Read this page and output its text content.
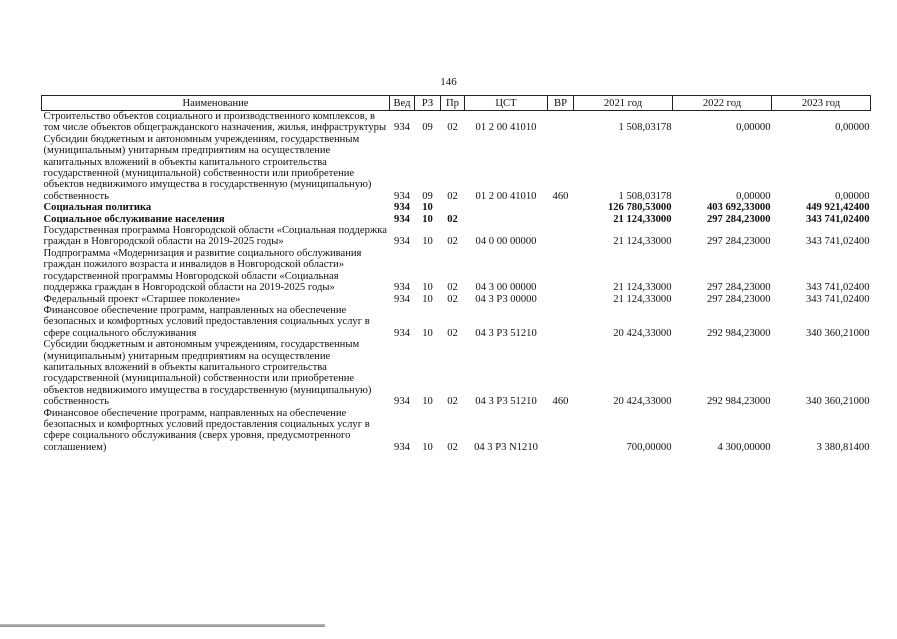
146
Наименование	Вед	РЗ	Пр	ЦСТ	ВР	2021 год	2022 год	2023 год
Строительство объектов социального и производственного комплексов, в том числе объектов общегражданского назначения, жилья, инфраструктуры	934	09	02	01 2 00 41010		1 508,03178	0,00000	0,00000
Субсидии бюджетным и автономным учреждениям, государственным (муниципальным) унитарным предприятиям на осуществление капитальных вложений в объекты капитального строительства государственной (муниципальной) собственности или приобретение объектов недвижимого имущества в государственную (муниципальную) собственность	934	09	02	01 2 00 41010	460	1 508,03178	0,00000	0,00000
Социальная политика	934	10				126 780,53000	403 692,33000	449 921,42400
Социальное обслуживание населения	934	10	02			21 124,33000	297 284,23000	343 741,02400
Государственная программа Новгородской области «Социальная поддержка граждан в Новгородской области на 2019-2025 годы»	934	10	02	04 0 00 00000		21 124,33000	297 284,23000	343 741,02400
Подпрограмма «Модернизация и развитие социального обслуживания граждан пожилого возраста и инвалидов в Новгородской области» государственной программы Новгородской области «Социальная поддержка граждан в Новгородской области на 2019-2025 годы»	934	10	02	04 3 00 00000		21 124,33000	297 284,23000	343 741,02400
Федеральный проект «Старшее поколение»	934	10	02	04 3 P3 00000		21 124,33000	297 284,23000	343 741,02400
Финансовое обеспечение программ, направленных на обеспечение безопасных и комфортных условий предоставления социальных услуг в сфере социального обслуживания	934	10	02	04 3 P3 51210		20 424,33000	292 984,23000	340 360,21000
Субсидии бюджетным и автономным учреждениям, государственным (муниципальным) унитарным предприятиям на осуществление капитальных вложений в объекты капитального строительства государственной (муниципальной) собственности или приобретение объектов недвижимого имущества в государственную (муниципальную) собственность	934	10	02	04 3 P3 51210	460	20 424,33000	292 984,23000	340 360,21000
Финансовое обеспечение программ, направленных на обеспечение безопасных и комфортных условий предоставления социальных услуг в сфере социального обслуживания (сверх уровня, предусмотренного соглашением)	934	10	02	04 3 P3 N1210		700,00000	4 300,00000	3 380,81400
